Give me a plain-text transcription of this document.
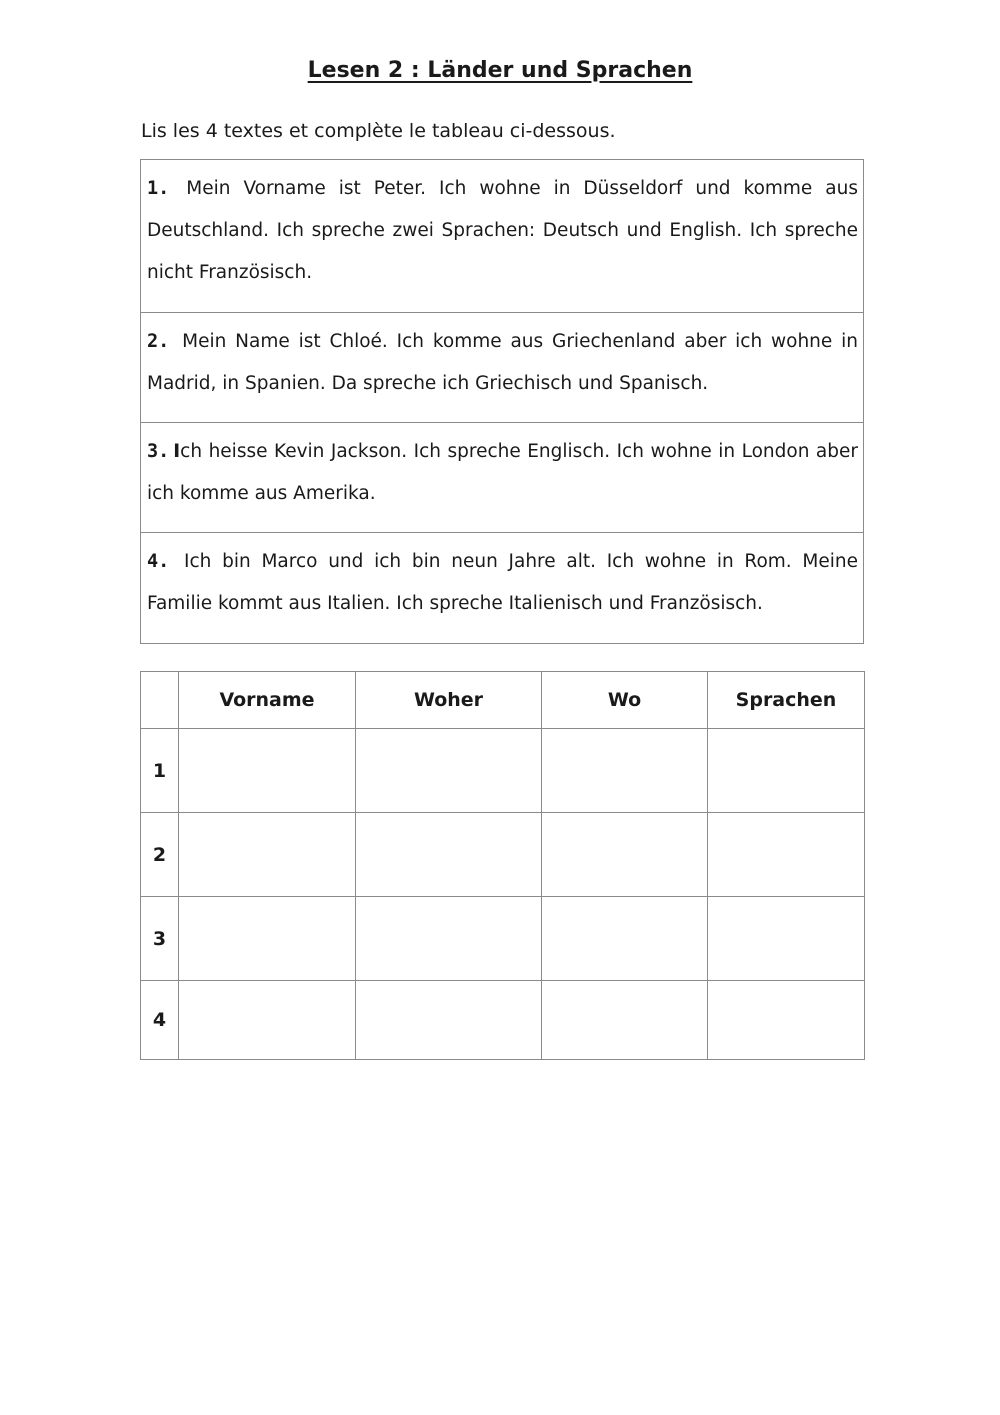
Lesen 2 : Länder und Sprachen
Lis les 4 textes et complète le tableau ci-dessous.
1. Mein Vorname ist Peter. Ich wohne in Düsseldorf und komme aus Deutschland. Ich spreche zwei Sprachen: Deutsch und English. Ich spreche nicht Französisch.
2. Mein Name ist Chloé. Ich komme aus Griechenland aber ich wohne in Madrid, in Spanien. Da spreche ich Griechisch und Spanisch.
3. Ich heisse Kevin Jackson. Ich spreche Englisch. Ich wohne in London aber ich komme aus Amerika.
4. Ich bin Marco und ich bin neun Jahre alt. Ich wohne in Rom. Meine Familie kommt aus Italien. Ich spreche Italienisch und Französisch.
	Vorname	Woher	Wo	Sprachen
1				
2				
3				
4				
